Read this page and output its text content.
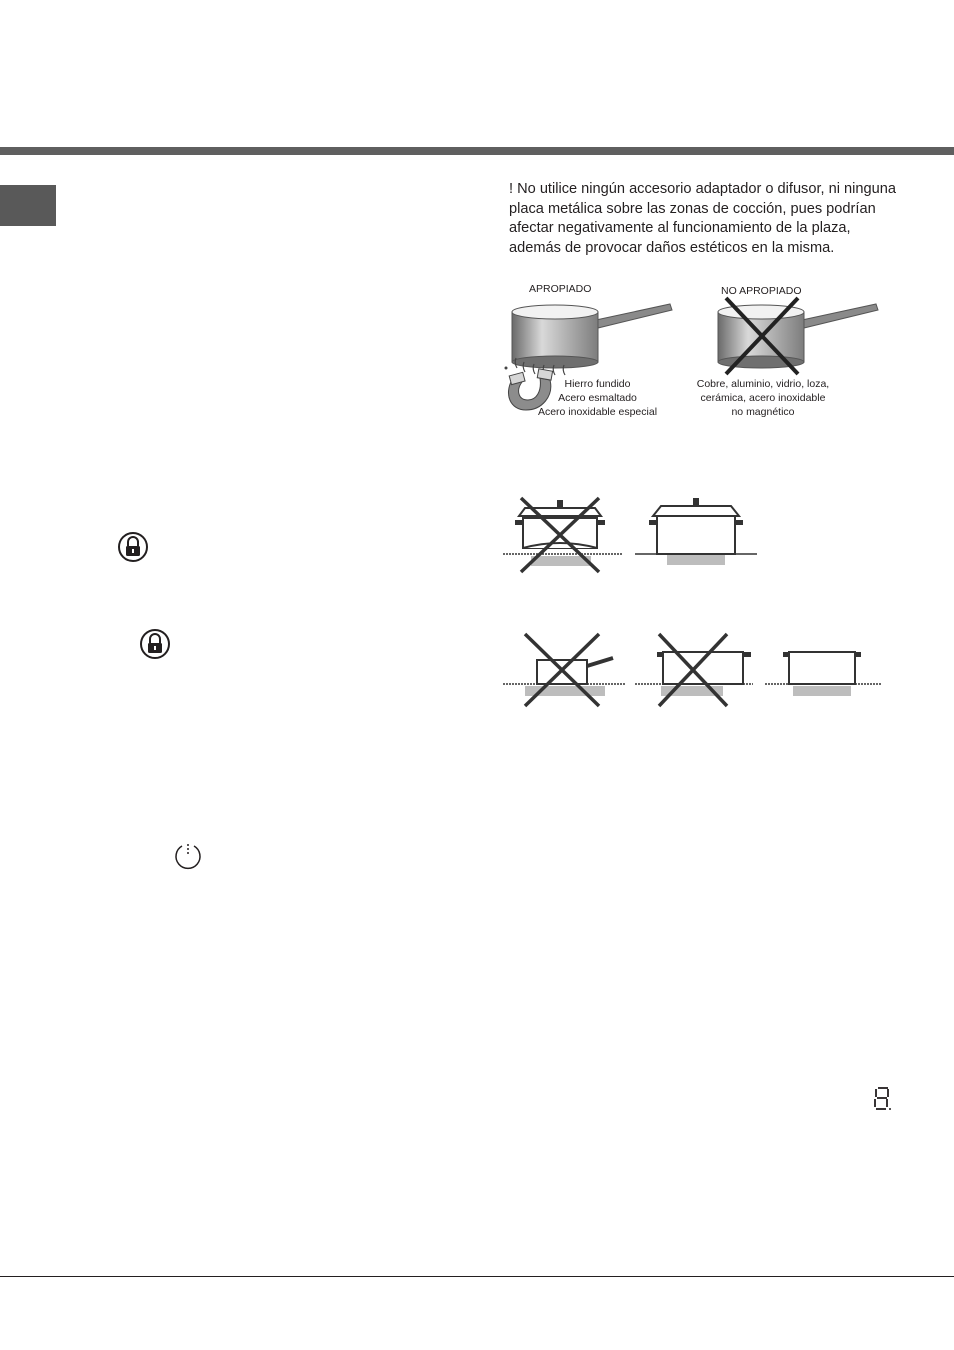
! No utilice ningún accesorio adaptador o difusor, ni ninguna placa metálica sobre las zonas de cocción, pues podrían afectar negativamente al funcionamiento de la plaza, además de provocar daños estéticos en la misma.

APROPIADO
Hierro fundido
Acero esmaltado
Acero inoxidable especial
NO APROPIADO
Cobre, aluminio, vidrio, loza,
cerámica, acero inoxidable
no magnético
